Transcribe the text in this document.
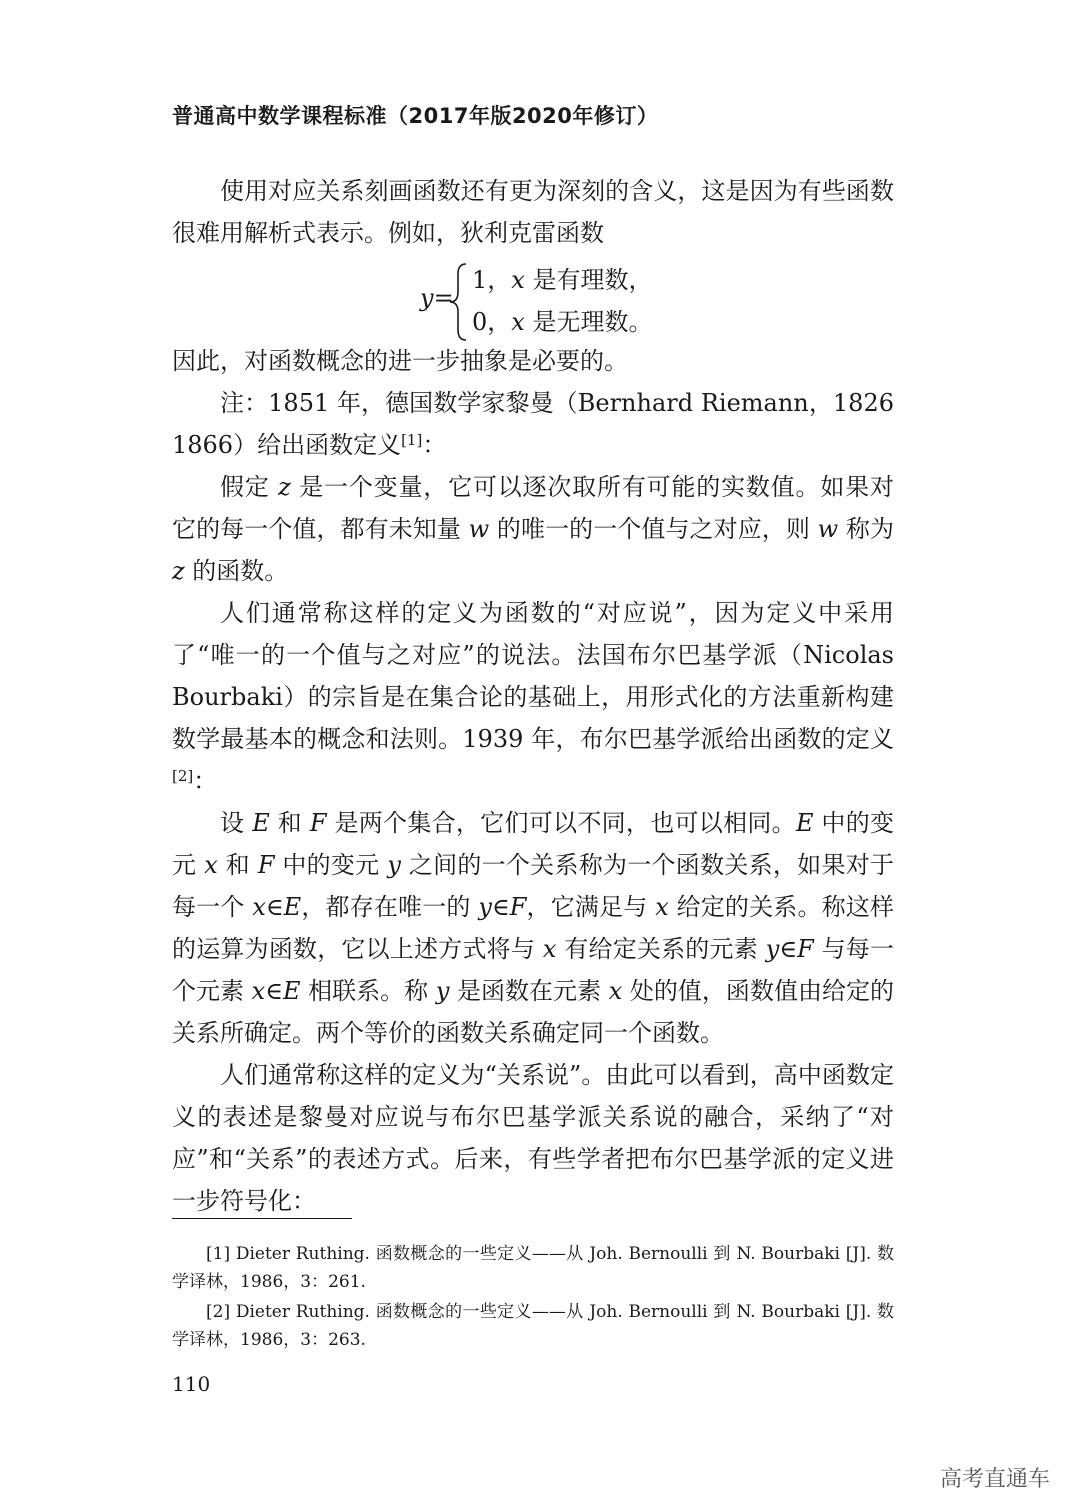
普通高中数学课程标准（2017年版2020年修订）

使用对应关系刻画函数还有更为深刻的含义，这是因为有些函数很难用解析式表示。例如，狄利克雷函数

y=
1，x 是有理数，
0，x 是无理数。

因此，对函数概念的进一步抽象是必要的。

注：1851 年，德国数学家黎曼（Bernhard Riemann，1826 1866）给出函数定义[1]：

假定 z 是一个变量，它可以逐次取所有可能的实数值。如果对它的每一个值，都有未知量 w 的唯一的一个值与之对应，则 w 称为 z 的函数。

人们通常称这样的定义为函数的“对应说”，因为定义中采用了“唯一的一个值与之对应”的说法。法国布尔巴基学派（Nicolas Bourbaki）的宗旨是在集合论的基础上，用形式化的方法重新构建数学最基本的概念和法则。1939 年，布尔巴基学派给出函数的定义[2]：

设 E 和 F 是两个集合，它们可以不同，也可以相同。E 中的变元 x 和 F 中的变元 y 之间的一个关系称为一个函数关系，如果对于每一个 x∈E，都存在唯一的 y∈F，它满足与 x 给定的关系。称这样的运算为函数，它以上述方式将与 x 有给定关系的元素 y∈F 与每一个元素 x∈E 相联系。称 y 是函数在元素 x 处的值，函数值由给定的关系所确定。两个等价的函数关系确定同一个函数。

人们通常称这样的定义为“关系说”。由此可以看到，高中函数定义的表述是黎曼对应说与布尔巴基学派关系说的融合，采纳了“对应”和“关系”的表述方式。后来，有些学者把布尔巴基学派的定义进一步符号化：

[1] Dieter Ruthing. 函数概念的一些定义——从 Joh. Bernoulli 到 N. Bourbaki [J]. 数学译林，1986，3：261.

[2] Dieter Ruthing. 函数概念的一些定义——从 Joh. Bernoulli 到 N. Bourbaki [J]. 数学译林，1986，3：263.

110
高考直通车
